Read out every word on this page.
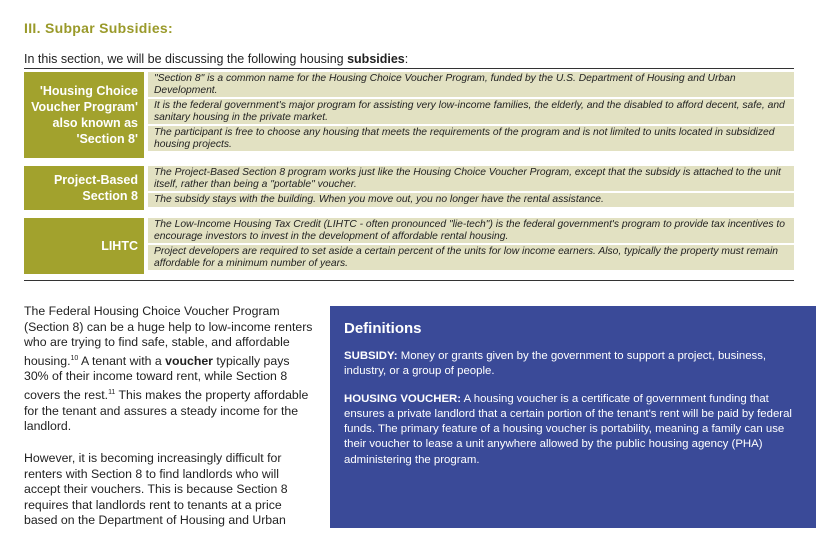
III. Subpar Subsidies:
In this section, we will be discussing the following housing subsidies:
'Housing Choice
Voucher Program'
also known as
'Section 8'
"Section 8" is a common name for the Housing Choice Voucher Program, funded by the U.S. Department of Housing and Urban Development.
It is the federal government's major program for assisting very low-income families, the elderly, and the disabled to afford decent, safe, and sanitary housing in the private market.
The participant is free to choose any housing that meets the requirements of the program and is not limited to units located in subsidized housing projects.
Project-Based
Section 8
The Project-Based Section 8 program works just like the Housing Choice Voucher Program, except that the subsidy is attached to the unit itself, rather than being a "portable" voucher.
The subsidy stays with the building. When you move out, you no longer have the rental assistance.
LIHTC
The Low-Income Housing Tax Credit (LIHTC - often pronounced "lie-tech") is the federal government's program to provide tax incentives to encourage investors to invest in the development of affordable rental housing.
Project developers are required to set aside a certain percent of the units for low income earners. Also, typically the property must remain affordable for a minimum number of years.

The Federal Housing Choice Voucher Program (Section 8) can be a huge help to low-income renters who are trying to find safe, stable, and affordable housing.$^{10}$ A tenant with a voucher typically pays 30% of their income toward rent, while Section 8 covers the rest.$^{11}$ This makes the property affordable for the tenant and assures a steady income for the landlord.

However, it is becoming increasingly difficult for renters with Section 8 to find landlords who will accept their vouchers. This is because Section 8 requires that landlords rent to tenants at a price based on the Department of Housing and Urban

Definitions

SUBSIDY: Money or grants given by the government to support a project, business, industry, or a group of people.

HOUSING VOUCHER: A housing voucher is a certificate of government funding that ensures a private landlord that a certain portion of the tenant's rent will be paid by federal funds. The primary feature of a housing voucher is portability, meaning a family can use their voucher to lease a unit anywhere allowed by the public housing agency (PHA) administering the program.
